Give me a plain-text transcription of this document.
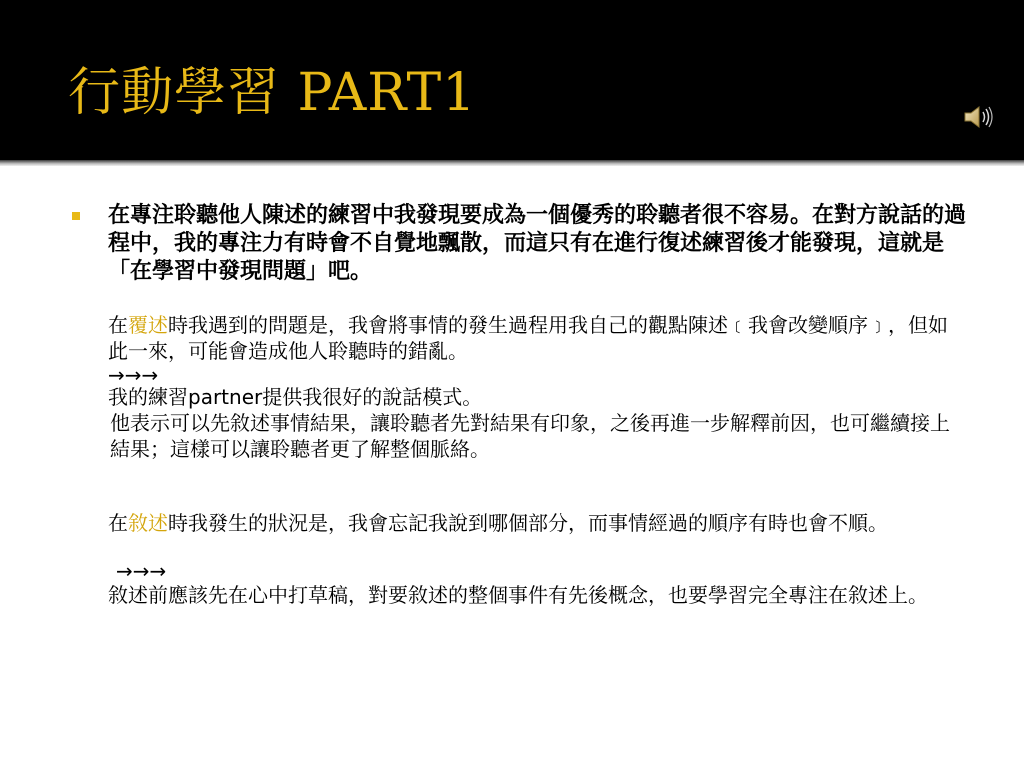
行動學習 PART1
在專注聆聽他人陳述的練習中我發現要成為一個優秀的聆聽者很不容易。在對方說話的過程中，我的專注力有時會不自覺地飄散，而這只有在進行復述練習後才能發現，這就是「在學習中發現問題」吧。
在覆述時我遇到的問題是，我會將事情的發生過程用我自己的觀點陳述﹝我會改變順序﹞，但如此一來，可能會造成他人聆聽時的錯亂。
→→→
我的練習partner提供我很好的說話模式。
他表示可以先敘述事情結果，讓聆聽者先對結果有印象，之後再進一步解釋前因，也可繼續接上結果；這樣可以讓聆聽者更了解整個脈絡。
在敘述時我發生的狀況是，我會忘記我說到哪個部分，而事情經過的順序有時也會不順。
→→→
敘述前應該先在心中打草稿，對要敘述的整個事件有先後概念，也要學習完全專注在敘述上。
